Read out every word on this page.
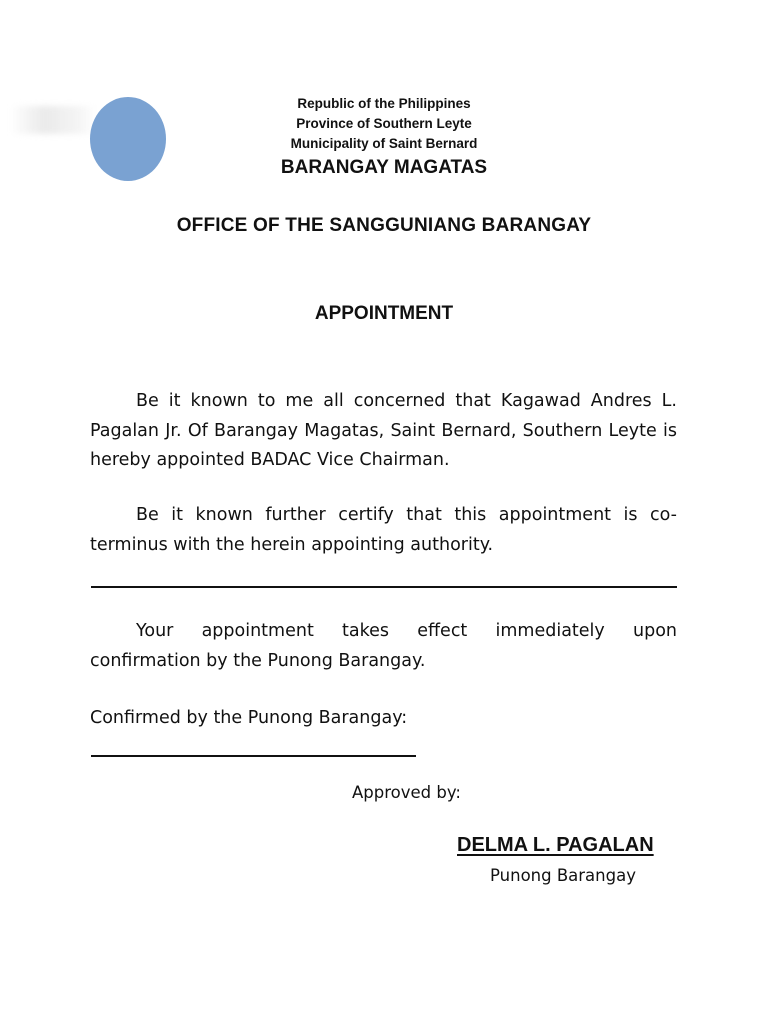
Republic of the Philippines
Province of Southern Leyte
Municipality of Saint Bernard
BARANGAY MAGATAS
OFFICE OF THE SANGGUNIANG BARANGAY
APPOINTMENT

Be it known to me all concerned that Kagawad Andres L. Pagalan Jr. Of Barangay Magatas, Saint Bernard, Southern Leyte is hereby appointed BADAC Vice Chairman.

Be it known further certify that this appointment is co-terminus with the herein appointing authority.

Your appointment takes effect immediately upon confirmation by the Punong Barangay.

Confirmed by the Punong Barangay:
Approved by:
DELMA L. PAGALAN
Punong Barangay
